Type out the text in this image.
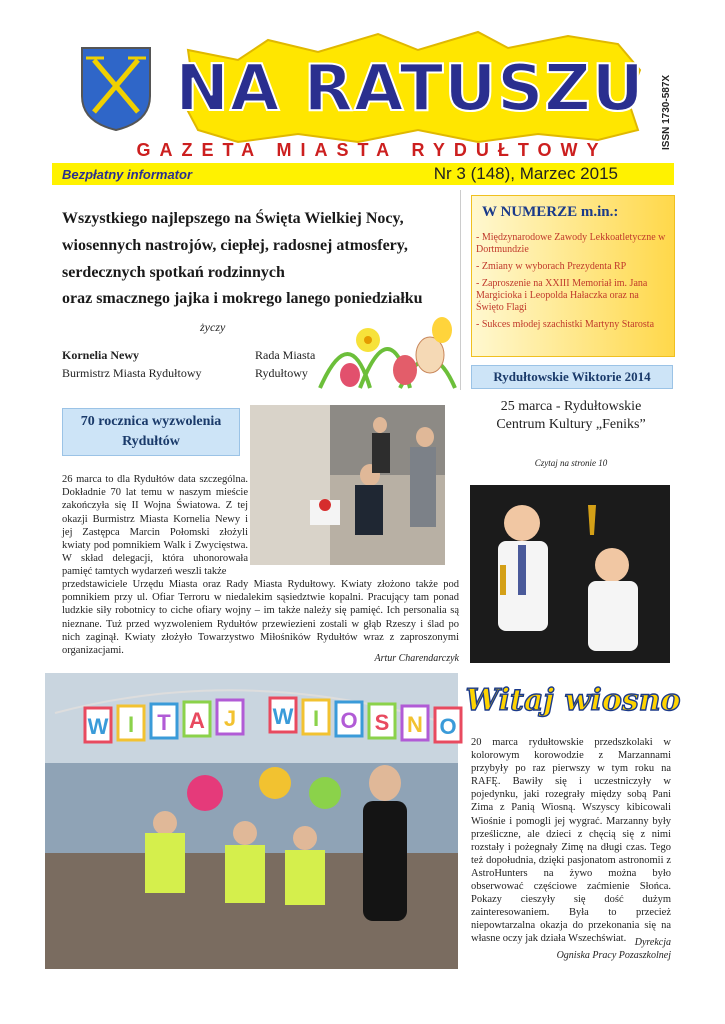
NA RATUSZU
GAZETA MIASTA RYDUŁTOWY	ISSN 1730-587X
Bezpłatny informator	Nr 3 (148), Marzec 2015
Wszystkiego najlepszego na Święta Wielkiej Nocy,
wiosennych nastrojów, ciepłej, radosnej atmosfery,
serdecznych spotkań rodzinnych
oraz smacznego jajka i mokrego lanego poniedziałku
życzy
Kornelia Newy
Burmistrz Miasta Rydułtowy
Rada Miasta
Rydułtowy
W NUMERZE m.in.:
- Międzynarodowe Zawody Lekkoatletyczne w Dortmundzie
- Zmiany w wyborach Prezydenta RP
- Zaproszenie na XXIII Memoriał im. Jana Margicioka i Leopolda Hałaczka oraz na Święto Flagi
- Sukces młodej szachistki Martyny Starosta
Rydułtowskie Wiktorie 2014
25 marca - Rydułtowskie
Centrum Kultury „Feniks”
Czytaj na stronie 10
70 rocznica wyzwolenia Rydułtów
26 marca to dla Rydułtów data szczególna. Dokładnie 70 lat temu w naszym mieście zakończyła się II Wojna Światowa. Z tej okazji Burmistrz Miasta Kornelia Newy i jej Zastępca Marcin Połomski złożyli kwiaty pod pomnikiem Walk i Zwycięstwa. W skład delegacji, która uhonorowała pamięć tamtych wydarzeń weszli także
przedstawiciele Urzędu Miasta oraz Rady Miasta Rydułtowy. Kwiaty złożono także pod pomnikiem przy ul. Ofiar Terroru w niedalekim sąsiedztwie kopalni. Pracujący tam ponad ludzkie siły robotnicy to ciche ofiary wojny – im także należy się pamięć. Ich personalia są nieznane. Tuż przed wyzwoleniem Rydułtów przewiezieni zostali w głąb Rzeszy i ślad po nich zaginął. Kwiaty złożyło Towarzystwo Miłośników Rydułtów wraz z zaproszonymi organizacjami.
Artur Charendarczyk
W I T A J W I O S N O
Witaj wiosno
20 marca rydułtowskie przedszkolaki w kolorowym korowodzie z Marzannami przybyły po raz pierwszy w tym roku na RAFĘ. Bawiły się i uczestniczyły w pojedynku, jaki rozegrały między sobą Pani Zima z Panią Wiosną. Wszyscy kibicowali Wiośnie i pomogli jej wygrać. Marzanny były prześliczne, ale dzieci z chęcią się z nimi rozstały i pożegnały Zimę na długi czas. Tego też dopołudnia, dzięki pasjonatom astronomii z AstroHunters na żywo można było obserwować częściowe zaćmienie Słońca. Pokazy cieszyły się dość dużym zainteresowaniem. Była to przecież niepowtarzalna okazja do przekonania się na własne oczy jak działa Wszechświat. Dyrekcja
Ogniska Pracy Pozaszkolnej
